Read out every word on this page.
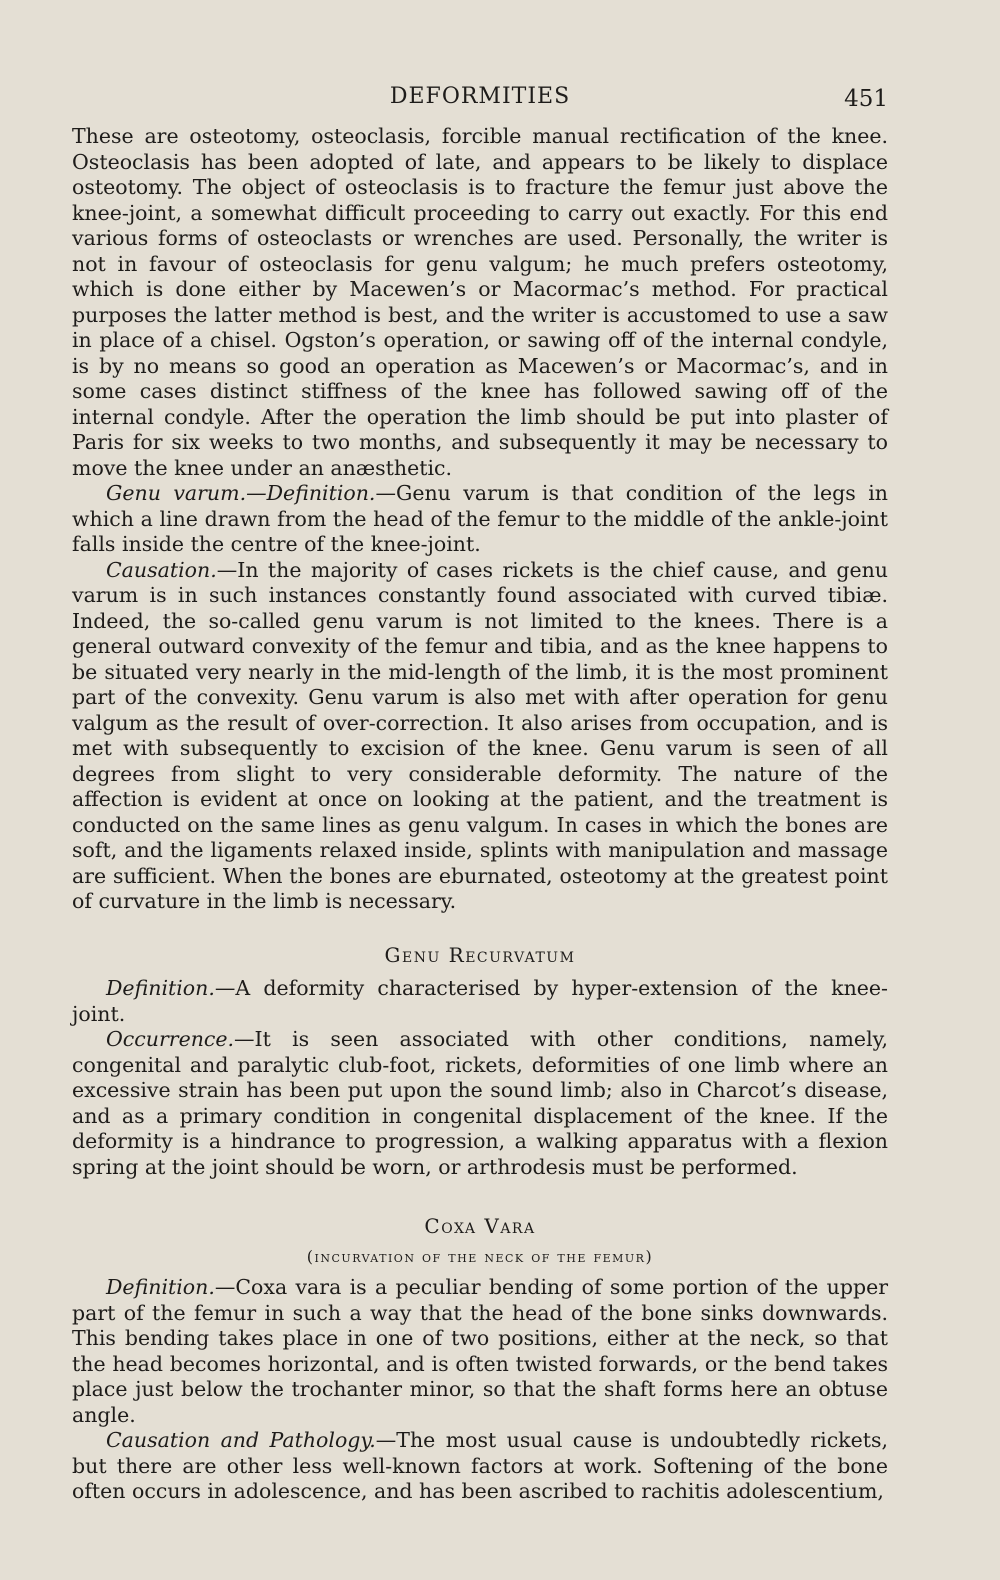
DEFORMITIES	451

These are osteotomy, osteoclasis, forcible manual rectification of the knee. Osteoclasis has been adopted of late, and appears to be likely to displace osteotomy. The object of osteoclasis is to fracture the femur just above the knee-joint, a somewhat difficult proceeding to carry out exactly. For this end various forms of osteoclasts or wrenches are used. Personally, the writer is not in favour of osteoclasis for genu valgum; he much prefers osteotomy, which is done either by Macewen’s or Macormac’s method. For practical purposes the latter method is best, and the writer is accustomed to use a saw in place of a chisel. Ogston’s operation, or sawing off of the internal condyle, is by no means so good an operation as Macewen’s or Macormac’s, and in some cases distinct stiffness of the knee has followed sawing off of the internal condyle. After the operation the limb should be put into plaster of Paris for six weeks to two months, and subsequently it may be necessary to move the knee under an anæsthetic.

Genu varum.—Definition.—Genu varum is that condition of the legs in which a line drawn from the head of the femur to the middle of the ankle-joint falls inside the centre of the knee-joint.

Causation.—In the majority of cases rickets is the chief cause, and genu varum is in such instances constantly found associated with curved tibiæ. Indeed, the so-called genu varum is not limited to the knees. There is a general outward convexity of the femur and tibia, and as the knee happens to be situated very nearly in the mid-length of the limb, it is the most prominent part of the convexity. Genu varum is also met with after operation for genu valgum as the result of over-correction. It also arises from occupation, and is met with subsequently to excision of the knee. Genu varum is seen of all degrees from slight to very considerable deformity. The nature of the affection is evident at once on looking at the patient, and the treatment is conducted on the same lines as genu valgum. In cases in which the bones are soft, and the ligaments relaxed inside, splints with manipulation and massage are sufficient. When the bones are eburnated, osteotomy at the greatest point of curvature in the limb is necessary.

Genu Recurvatum

Definition.—A deformity characterised by hyper-extension of the knee-joint.

Occurrence.—It is seen associated with other conditions, namely, congenital and paralytic club-foot, rickets, deformities of one limb where an excessive strain has been put upon the sound limb; also in Charcot’s disease, and as a primary condition in congenital displacement of the knee. If the deformity is a hindrance to progression, a walking apparatus with a flexion spring at the joint should be worn, or arthrodesis must be performed.

Coxa Vara
(incurvation of the neck of the femur)

Definition.—Coxa vara is a peculiar bending of some portion of the upper part of the femur in such a way that the head of the bone sinks downwards. This bending takes place in one of two positions, either at the neck, so that the head becomes horizontal, and is often twisted forwards, or the bend takes place just below the trochanter minor, so that the shaft forms here an obtuse angle.

Causation and Pathology.—The most usual cause is undoubtedly rickets, but there are other less well-known factors at work. Softening of the bone often occurs in adolescence, and has been ascribed to rachitis adolescentium,
